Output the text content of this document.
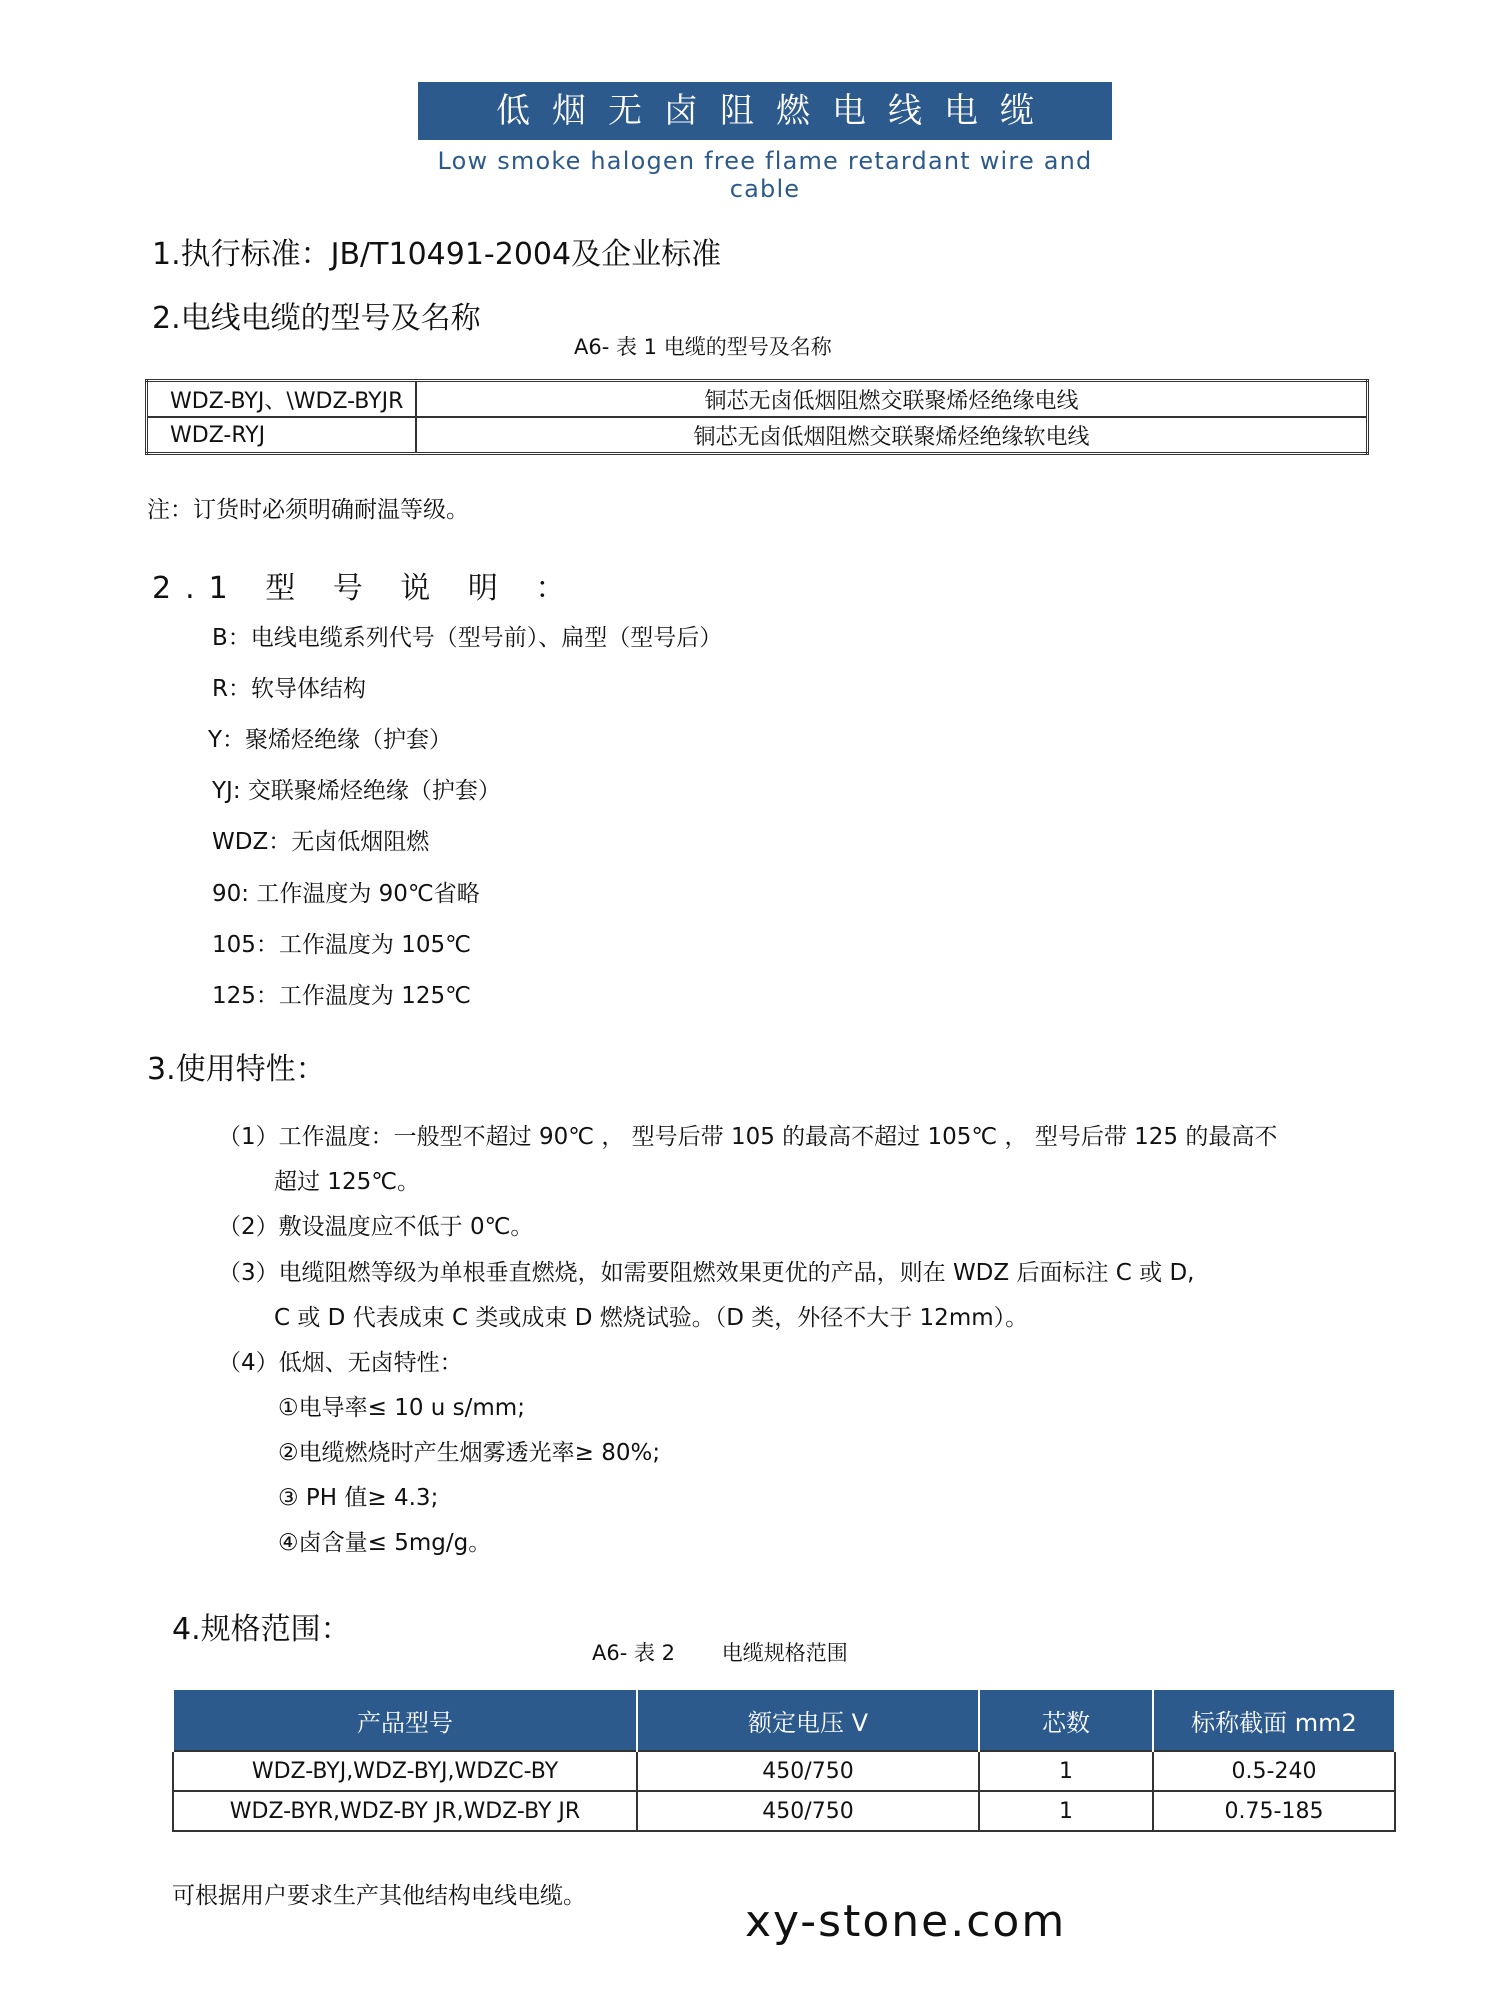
低烟无卤阻燃电线电缆
Low smoke halogen free flame retardant wire and cable
1.执行标准：JB/T10491-2004及企业标准
2.电线电缆的型号及名称
A6- 表 1 电缆的型号及名称
WDZ-BYJ、\WDZ-BYJR	铜芯无卤低烟阻燃交联聚烯烃绝缘电线
WDZ-RYJ	铜芯无卤低烟阻燃交联聚烯烃绝缘软电线
注：订货时必须明确耐温等级。
2.1 型 号 说 明 ：
B：电线电缆系列代号（型号前）、扁型（型号后）
R：软导体结构
Y：聚烯烃绝缘（护套）
YJ: 交联聚烯烃绝缘（护套）
WDZ：无卤低烟阻燃
90: 工作温度为 90℃省略
105：工作温度为 105℃
125：工作温度为 125℃
3.使用特性：
（1）工作温度：一般型不超过 90℃ ， 型号后带 105 的最高不超过 105℃ ， 型号后带 125 的最高不
超过 125℃。
（2）敷设温度应不低于 0℃。
（3）电缆阻燃等级为单根垂直燃烧，如需要阻燃效果更优的产品，则在 WDZ 后面标注 C 或 D,
C 或 D 代表成束 C 类或成束 D 燃烧试验。（D 类，外径不大于 12mm）。
（4）低烟、无卤特性：
①电导率≤ 10 u s/mm;
②电缆燃烧时产生烟雾透光率≥ 80%;
③ PH 值≥ 4.3;
④卤含量≤ 5mg/g。
4.规格范围：
A6- 表 2       电缆规格范围
产品型号	额定电压 V	芯数	标称截面 mm2
WDZ-BYJ,WDZ-BYJ,WDZC-BY	450/750	1	0.5-240
WDZ-BYR,WDZ-BY JR,WDZ-BY JR	450/750	1	0.75-185
可根据用户要求生产其他结构电线电缆。	xy-stone.com
